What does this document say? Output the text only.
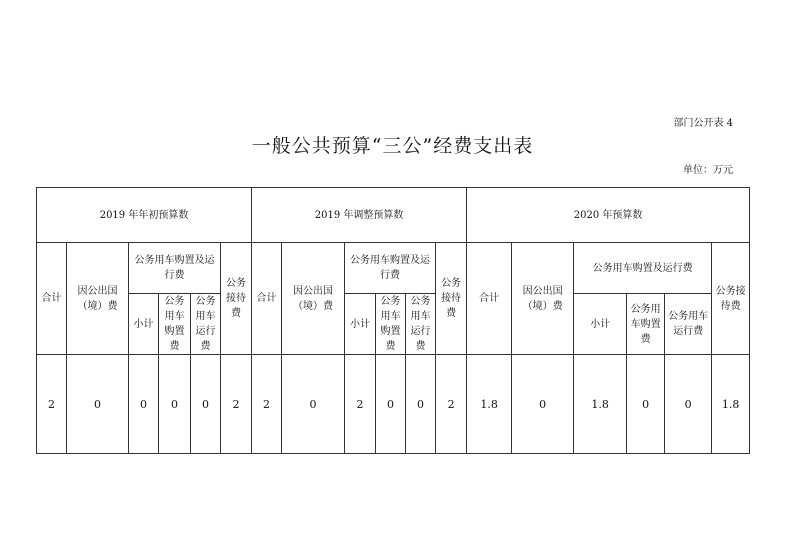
部门公开表 4
一般公共预算“三公”经费支出表
单位：万元
2019 年年初预算数						2019 年调整预算数						2020 年预算数					
合计	因公出国（境）费	公务用车购置及运行费			公务接待费	合计	因公出国（境）费	公务用车购置及运行费			公务接待费	合计	因公出国（境）费	公务用车购置及运行费			公务接待费
		小计	公务用车购置费	公务用车运行费				小计	公务用车购置费	公务用车运行费				小计	公务用车购置费	公务用车运行费	
2	0	0	0	0	2	2	0	2	0	0	2	1.8	0	1.8	0	0	1.8
